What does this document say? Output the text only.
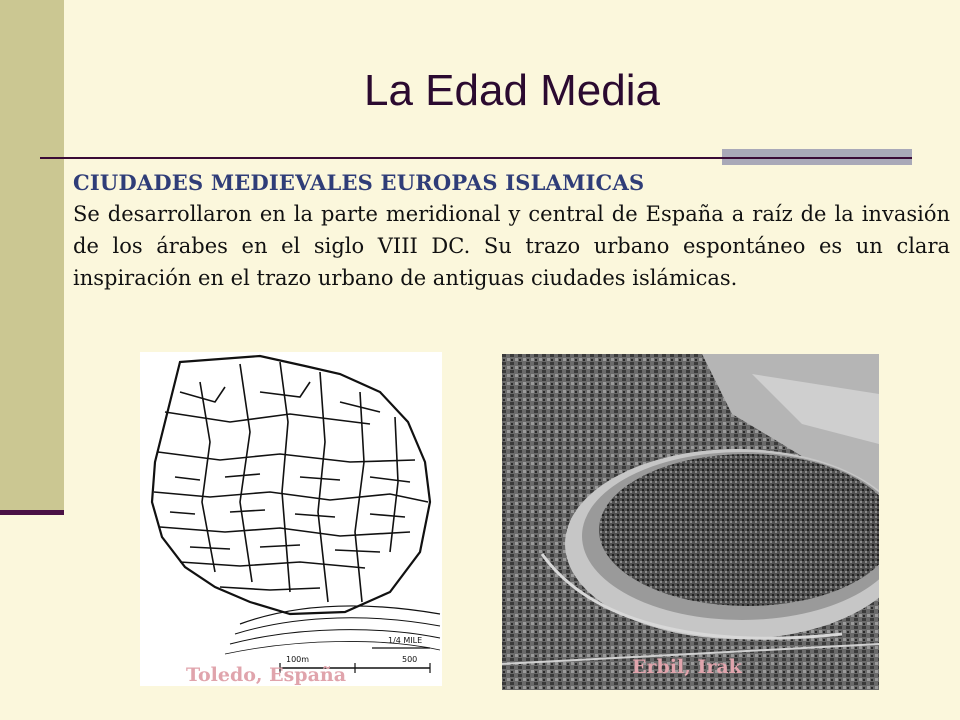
La Edad Media
CIUDADES MEDIEVALES EUROPAS ISLAMICAS
Se desarrollaron en la parte meridional y central de España a raíz de la invasión de los árabes en el siglo VIII DC. Su trazo urbano espontáneo es un clara inspiración en el trazo urbano de antiguas ciudades islámicas.
1/4 MILE
100m	500
Toledo, España	Erbil, Irak
